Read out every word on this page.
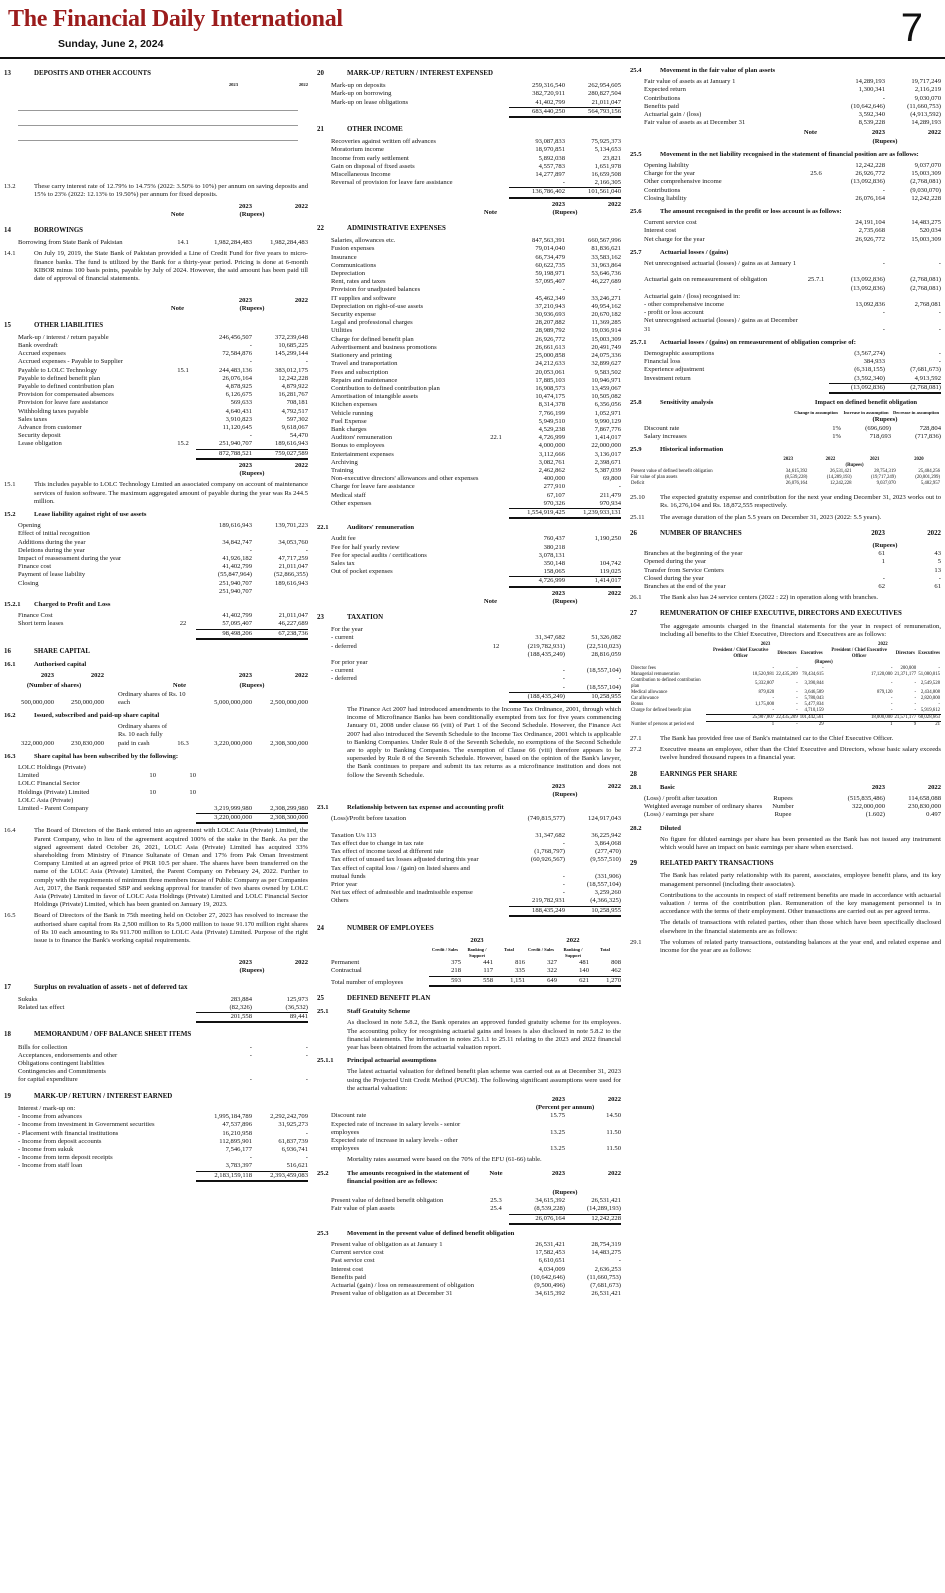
The Financial Daily International
Sunday, June 2, 2024	7
13	DEPOSITS AND OTHER ACCOUNTS
2023	2022
13.2	These carry interest rate of 12.79% to 14.75% (2022: 3.50% to 10%) per annum on saving deposits and 15% to 23% (2022: 12.13% to 19.50%) per annum for fixed deposits.
2023	2022
Note	(Rupees)
14	BORROWINGS
Borrowing from State Bank of Pakistan	14.1	1,982,284,483	1,982,284,483
14.1	On July 19, 2019, the State Bank of Pakistan provided a Line of Credit Fund for five years to micro-finance banks. The fund is utilized by the Bank for a thirty-year period. Pricing is done at 6-month KIBOR minus 100 basis points, payable by July of 2024. However, the said amount has been paid till date of approval of financial statements.
2023	2022
Note	(Rupees)
15	OTHER LIABILITIES
Mark-up / interest / return payable	246,456,507	372,239,648
Bank overdraft	-	10,685,225
Accrued expenses	72,584,876	145,299,144
Accrued expenses - Payable to Supplier	-	-
Payable to LOLC Technology	15.1	244,483,136	383,012,175
Payable to defined benefit plan	26,076,164	12,242,228
Payable to defined contribution plan	4,878,925	4,879,922
Provision for compensated absences	6,126,675	16,281,767
Provision for leave fare assistance	569,633	708,181
Withholding taxes payable	4,640,431	4,792,517
Sales taxes	3,910,823	597,302
Advance from customer	11,120,645	9,618,067
Security deposit	-	54,470
Lease obligation	15.2	251,940,707	189,616,943
872,788,521	759,027,589
2023	2022
(Rupees)
15.1	This includes payable to LOLC Technology Limited an associated company on account of maintenance services of fusion software. The maximum aggregated amount of payable during the year was Rs 244.5 million.
15.2	Lease liability against right of use assets
Opening	189,616,943	139,701,223
Effect of initial recognition
Additions during the year	34,842,747	34,053,760
Deletions during the year	-	-
Impact of reassessment during the year	41,926,182	47,717,259
Finance cost	41,402,799	21,011,047
Payment of lease liability	(55,847,964)	(52,866,355)
Closing	251,940,707	189,616,943
251,940,707
15.2.1	Charged to Profit and Loss
Finance Cost	41,402,799	21,011,047
Short term leases	22	57,095,407	46,227,689
98,498,206	67,238,736
16	SHARE CAPITAL
16.1	Authorised capital
2023	2022	2023	2022
(Number of shares)	Note	(Rupees)
500,000,000	250,000,000
Ordinary shares of Rs. 10 each	5,000,000,000	2,500,000,000
16.2	Issued, subscribed and paid-up share capital
322,000,000	230,830,000
Ordinary shares of Rs. 10 each fully paid in cash	16.3	3,220,000,000	2,308,300,000
16.3	Share capital has been subscribed by the following:
LOLC Holdings (Private) Limited	10	10
LOLC Financial Sector Holdings (Private) Limited	10	10
LOLC Asia (Private) Limited - Parent Company	3,219,999,980	2,308,299,980
3,220,000,000	2,308,300,000
16.4	The Board of Directors of the Bank entered into an agreement with LOLC Asia (Private) Limited, the Parent Company, who in lieu of the agreement acquired 100% of the stake in the Bank. As per the signed agreement dated October 26, 2021, LOLC Asia (Private) Limited has acquired 33% shareholding from Ministry of Finance Sultanate of Oman and 17% from Pak Oman Investment Company Limited at an agreed price of PKR 10.5 per share. The shares have been transferred on the name of the LOLC Asia (Private) Limited, the Parent Company on February 24, 2022. Further to comply with the requirements of minimum three members incase of Public Company as per Companies Act, 2017, the Bank requested SBP and seeking approval for transfer of two shares owned by LOLC Asia (Private) Limited in favor of LOLC Asia Holdings (Private) Limited and LOLC Financial Sector Holdings (Private) Limited, which has been granted on January 19, 2023.
16.5	Board of Directors of the Bank in 75th meeting held on October 27, 2023 has resolved to increase the authorised share capital from Rs 2,500 million to Rs 5,000 million to issue 91.170 million right shares of Rs 10 each amounting to Rs 911.700 million to LOLC Asia (Private) Limited. Purpose of the right issue is to finance the Bank's working capital requirements.
2023	2022
(Rupees)
17	Surplus on revaluation of assets - net of deferred tax
Sukuks	283,884	125,973
Related tax effect	(82,326)	(36,532)
201,558	89,441
18	MEMORANDUM / OFF BALANCE SHEET ITEMS
Bills for collection	-	-
Acceptances, endorsements and other	-	-
Obligations contingent liabilities
Contingencies and Commitments
for capital expenditure	-	-
19	MARK-UP / RETURN / INTEREST EARNED
Interest / mark-up on:
- Income from advances	1,995,184,789	2,292,242,709
- Income from investment in Government securities	47,537,896	31,925,273
- Placement with financial institutions	16,210,958	-
- Income from deposit accounts	112,895,901	61,837,739
- Income from sukuk	7,546,177	6,936,741
- Income from term deposit receipts	-	-
- Income from staff loan	3,783,397	516,621
2,183,159,118	2,393,459,083
20	MARK-UP / RETURN / INTEREST EXPENSED
Mark-up on deposits	259,316,540	262,954,605
Mark-up on borrowing	382,720,911	280,827,504
Mark-up on lease obligations	41,402,799	21,011,047
683,440,250	564,793,156
21	OTHER INCOME
Recoveries against written off advances	93,087,833	75,925,373
Moratorium income	18,970,851	5,134,653
Income from early settlement	5,892,038	23,821
Gain on disposal of fixed assets	4,557,783	1,651,978
Miscellaneous Income	14,277,897	16,659,508
Reversal of provision for leave fare assistance	-	2,166,305
136,786,402	101,561,040
2023	2022
Note	(Rupees)
22	ADMINISTRATIVE EXPENSES
Salaries, allowances etc.	847,563,391	660,567,996
Fusion expenses	79,014,040	81,836,621
Insurance	66,734,479	33,583,162
Communications	60,622,735	31,963,864
Depreciation	59,198,971	53,646,736
Rent, rates and taxes	57,095,407	46,227,689
Provision for unadjusted balances	-	-
IT supplies and software	45,462,349	33,246,271
Depreciation on right-of-use assets	37,210,943	49,954,162
Security expense	30,936,693	20,670,182
Legal and professional charges	28,207,882	11,369,285
Utilities	28,989,792	19,036,914
Charge for defined benefit plan	26,926,772	15,003,309
Advertisement and business promotions	26,661,613	20,491,749
Stationery and printing	25,000,858	24,075,336
Travel and transportation	24,212,633	32,899,627
Fees and subscription	20,053,061	9,583,502
Repairs and maintenance	17,885,103	10,946,971
Contribution to defined contribution plan	16,908,573	13,459,067
Amortisation of intangible assets	10,474,175	10,505,082
Kitchen expenses	8,314,378	6,356,056
Vehicle running	7,766,199	1,052,971
Fuel Expense	5,949,510	9,990,129
Bank charges	4,529,238	7,867,776
Auditors' remuneration	22.1	4,726,999	1,414,017
Bonus to employees	4,000,000	22,000,000
Entertainment expenses	3,112,666	3,136,017
Archiving	3,082,761	2,398,671
Training	2,462,862	5,387,039
Non-executive directors' allowances and other expenses	400,000	69,800
Charge for leave fare assistance	277,910	-
Medical staff	67,107	211,479
Other expenses	970,326	970,934
1,554,919,425	1,239,933,131
22.1	Auditors' remuneration
Audit fee	760,437	1,190,250
Fee for half yearly review	380,218
Fee for special audits / certifications	3,078,131
Sales tax	350,148	104,742
Out of pocket expenses	158,065	119,025
4,726,999	1,414,017
2023	2022
Note	(Rupees)
23	TAXATION
For the year
- current	31,347,682	51,326,082
- deferred	12	(219,782,931)	(22,510,023)
(188,435,249)	28,816,059
For prior year
- current	-	(18,557,104)
- deferred	-	-
-	(18,557,104)
(188,435,249)	10,258,955
The Finance Act 2007 had introduced amendments to the Income Tax Ordinance, 2001, through which income of Microfinance Banks has been conditionally exempted from tax for five years commencing January 01, 2008 under clause 66 (viii) of Part 1 of the Second Schedule. However, the Finance Act 2007 had also introduced the Seventh Schedule to the Income Tax Ordinance, 2001 which is applicable to Banking Companies. Under Rule 8 of the Seventh Schedule, no exemptions of the Second Schedule are to apply to Banking Companies. The exemption of Clause 66 (viii) therefore appears to be superseded by Rule 8 of the Seventh Schedule. However, based on the opinion of the Bank's lawyer, the Bank continues to prepare and submit its tax returns as a microfinance institution and does not follow the Seventh Schedule.
2023	2022
(Rupees)
23.1	Relationship between tax expense and accounting profit
(Loss)/Profit before taxation	(749,815,577)	124,917,043
Taxation U/s 113	31,347,682	36,225,942
Tax effect due to change in tax rate	-	3,864,068
Tax effect of income taxed at different rate	(1,768,797)	(277,470)
Tax effect of unused tax losses adjusted during this year	(60,926,567)	(9,557,510)
Tax effect of capital loss / (gain) on listed shares and mutual funds	-	(331,906)
Prior year	-	(18,557,104)
Net tax effect of admissible and inadmissible expense	-	3,259,260
Others	219,782,931	(4,366,325)
188,435,249	10,258,955
24	NUMBER OF EMPLOYEES
2023	2022
Credit / Sales	Banking / Support
Total	Credit / Sales	Banking / Support
Total
Permanent	375	441	816	327	481	808
Contractual	218	117	335	322	140	462
Total number of employees	593	558	1,151	649	621	1,270
25	DEFINED BENEFIT PLAN
25.1	Staff Gratuity Scheme
As disclosed in note 5.8.2, the Bank operates an approved funded gratuity scheme for its employees. The accounting policy for recognising actuarial gains and losses is also disclosed in note 5.8.2 to the financial statements. The information in notes 25.1.1 to 25.11 relating to the 2023 and 2022 financial year has been obtained from the actuarial valuation report.
25.1.1	Principal actuarial assumptions
The latest actuarial valuation for defined benefit plan scheme was carried out as at December 31, 2023 using the Projected Unit Credit Method (PUCM). The following significant assumptions were used for the actuarial valuation:
2023	2022
(Percent per annum)
Discount rate	15.75	14.50
Expected rate of increase in salary levels - senior employees	13.25	11.50
Expected rate of increase in salary levels - other employees	13.25	11.50
Mortality rates assumed were based on the 70% of the EFU (61-66) table.
25.2	The amounts recognised in the statement of financial position are as follows:
Note	2023	2022
(Rupees)
Present value of defined benefit obligation	25.3	34,615,392	26,531,421
Fair value of plan assets	25.4	(8,539,228)	(14,289,193)
26,076,164	12,242,228
25.3	Movement in the present value of defined benefit obligation
Present value of obligation as at January 1	26,531,421	28,754,319
Current service cost	17,582,453	14,483,275
Past service cost	6,610,651	-
Interest cost	4,034,009	2,636,253
Benefits paid	(10,642,646)	(11,660,753)
Actuarial (gain) / loss on remeasurement of obligation	(9,500,496)	(7,681,673)
Present value of obligation as at December 31	34,615,392	26,531,421
25.4	Movement in the fair value of plan assets
Fair value of assets as at January 1	14,289,193	19,717,249
Expected return	1,300,341	2,116,219
Contributions	-	9,030,070
Benefits paid	(10,642,646)	(11,660,753)
Actuarial gain / (loss)	3,592,340	(4,913,592)
Fair value of assets as at December 31	8,539,228	14,289,193
Note	2023	2022
(Rupees)
25.5	Movement in the net liability recognised in the statement of financial position are as follows:
Opening liability	12,242,228	9,037,070
Charge for the year	25.6	26,926,772	15,003,309
Other comprehensive income	(13,092,836)	(2,768,081)
Contributions	-	(9,030,070)
Closing liability	26,076,164	12,242,228
25.6	The amount recognised in the profit or loss account is as follows:
Current service cost	24,191,104	14,483,275
Interest cost	2,735,668	520,034
Net charge for the year	26,926,772	15,003,309
25.7	Actuarial losses / (gains)
Net unrecognised actuarial (losses) / gains as at January 1	-	-
Actuarial gain on remeasurement of obligation	25.7.1	(13,092,836)	(2,768,081)
(13,092,836)	(2,768,081)
Actuarial gain / (loss) recognised in:
- other comprehensive income	13,092,836	2,768,081
- profit or loss account	-	-
Net unrecognised actuarial (losses) / gains as at December 31	-	-
25.7.1	Actuarial losses / (gains) on remeasurement of obligation comprise of:
Demographic assumptions	(3,567,274)	-
Financial loss	384,933	-
Experience adjustment	(6,318,155)	(7,681,673)
Investment return	(3,592,340)	4,913,592
(13,092,836)	(2,768,081)
25.8	Sensitivity analysis	Impact on defined benefit obligation
Change in assumption	Increase in assumption Decrease in assumption
(Rupees)
Discount rate	1%	(696,609)	728,804
Salary increases	1%	718,693	(717,836)
25.9	Historical information
	2023	2022	2021	2020
	(Rupees)			
Present value of defined benefit obligation	34,615,392	26,531,421	28,754,319	25,484,256
Fair value of plan assets	(8,539,228)	(14,289,193)	(19,717,249)	(20,001,299)
Deficit	26,076,164	12,242,228	9,037,070	5,482,957
25.10	The expected gratuity expense and contribution for the next year ending December 31, 2023 works out to Rs. 16,276,104 and Rs. 18,872,555 respectively.
25.11	The average duration of the plan 5.5 years on December 31, 2023 (2022: 5.5 years).
26	NUMBER OF BRANCHES	2023	2022
(Rupees)
Branches at the beginning of the year	61	43
Opened during the year	1	5
Transfer from Service Centers	13
Closed during the year	-	-
Branches at the end of the year	62	61
26.1	The Bank also has 24 service centers (2022 : 22) in operation along with branches.
27	REMUNERATION OF CHIEF EXECUTIVE, DIRECTORS AND EXECUTIVES
The aggregate amounts charged in the financial statements for the year in respect of remuneration, including all benefits to the Chief Executive, Directors and Executives are as follows:
	2023			2022		
	President / Chief Executive Officer	Directors	Executives	President / Chief Executive Officer	Directors	Executives
	(Rupees)					
Director fees	-	-	-	-	200,000	-
Managerial remuneration	18,520,981	22,435,209	78,434,615	17,120,000	21,371,177	51,080,015
Contribution to defined contribution plan	5,332,807	-	3,390,844	-	-	2,549,528
Medical allowance	879,020	-	3,646,589	879,120	-	2,434,808
Car allowance	-	-	5,780,043	-	-	2,820,000
Bonus	1,175,000	-	5,477,834	-	-	-
Charge for defined benefit plan	-	-	4,710,159	-	-	5,919,612
	25,907,807	22,435,209	101,442,561	18,000,000	21,571,177	68,028,663
Number of persons at period end	1	-	29	1	9	21
27.1	The Bank has provided free use of Bank's maintained car to the Chief Executive Officer.
27.2	Executive means an employee, other than the Chief Executive and Directors, whose basic salary exceeds twelve hundred thousand rupees in a financial year.
28	EARNINGS PER SHARE
28.1	Basic	2023	2022
(Loss) / profit after taxation	Rupees	(515,835,486)	114,658,088
Weighted average number of ordinary shares	Number	322,000,000	230,830,000
(Loss) / earnings per share	Rupee	(1.602)	0.497
28.2	Diluted
No figure for diluted earnings per share has been presented as the Bank has not issued any instrument which would have an impact on basic earnings per share when exercised.
29	RELATED PARTY TRANSACTIONS
The Bank has related party relationship with its parent, associates, employee benefit plans, and its key management personnel (including their associates).
Contributions to the accounts in respect of staff retirement benefits are made in accordance with actuarial valuation / terms of the contribution plan. Remuneration of the key management personnel is in accordance with the terms of their employment. Other transactions are carried out as per agreed terms.
The details of transactions with related parties, other than those which have been specifically disclosed elsewhere in the financial statements are as follows:
29.1	The volumes of related party transactions, outstanding balances at the year end, and related expense and income for the year are as follows:
